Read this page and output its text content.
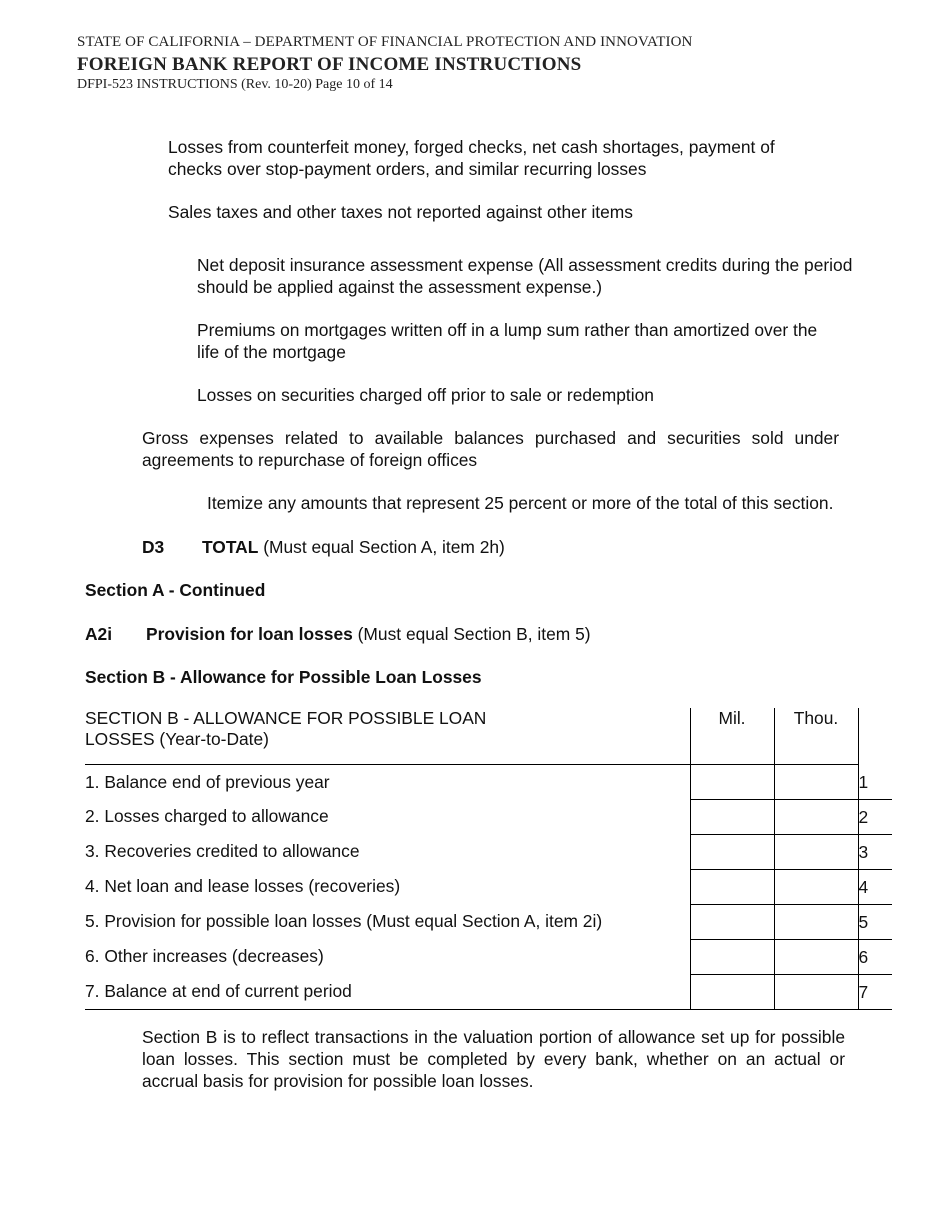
STATE OF CALIFORNIA – DEPARTMENT OF FINANCIAL PROTECTION AND INNOVATION
FOREIGN BANK REPORT OF INCOME INSTRUCTIONS
DFPI-523 INSTRUCTIONS (Rev. 10-20) Page 10 of 14
Losses from counterfeit money, forged checks, net cash shortages, payment of checks over stop-payment orders, and similar recurring losses
Sales taxes and other taxes not reported against other items
Net deposit insurance assessment expense (All assessment credits during the period should be applied against the assessment expense.)
Premiums on mortgages written off in a lump sum rather than amortized over the life of the mortgage
Losses on securities charged off prior to sale or redemption
Gross expenses related to available balances purchased and securities sold under agreements to repurchase of foreign offices
Itemize any amounts that represent 25 percent or more of the total of this section.
D3 TOTAL (Must equal Section A, item 2h)
Section A - Continued
A2i Provision for loan losses (Must equal Section B, item 5)
Section B - Allowance for Possible Loan Losses
SECTION B - ALLOWANCE FOR POSSIBLE LOAN
LOSSES (Year-to-Date)	Mil.	Thou.	
1. Balance end of previous year			1
2. Losses charged to allowance			2
3. Recoveries credited to allowance			3
4. Net loan and lease losses (recoveries)			4
5. Provision for possible loan losses (Must equal Section A, item 2i)			5
6. Other increases (decreases)			6
7. Balance at end of current period			7
Section B is to reflect transactions in the valuation portion of allowance set up for possible loan losses. This section must be completed by every bank, whether on an actual or accrual basis for provision for possible loan losses.
